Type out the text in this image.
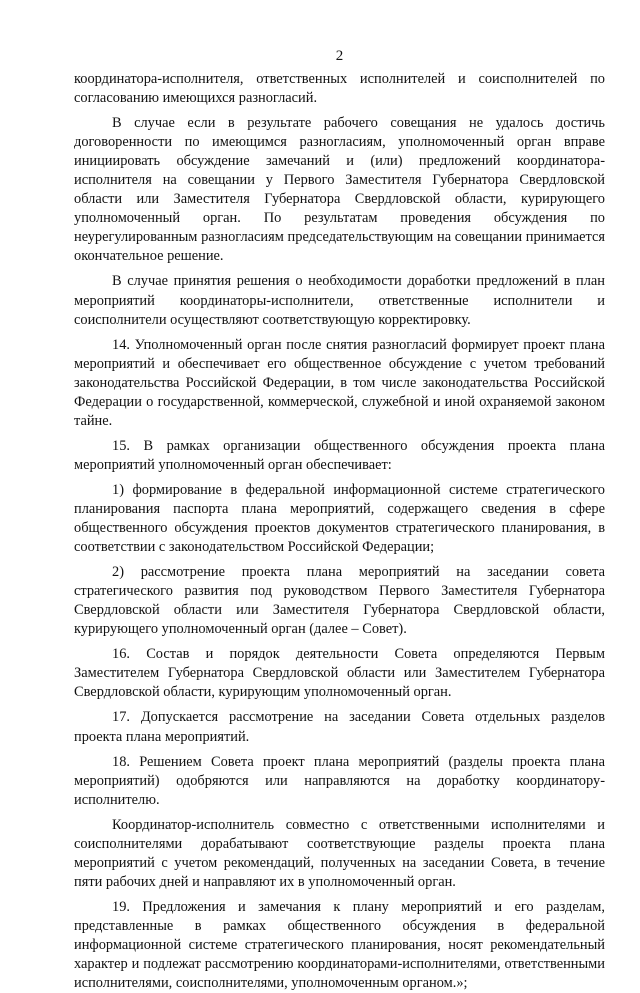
2

координатора-исполнителя, ответственных исполнителей и соисполнителей по согласованию имеющихся разногласий.

В случае если в результате рабочего совещания не удалось достичь договоренности по имеющимся разногласиям, уполномоченный орган вправе инициировать обсуждение замечаний и (или) предложений координатора-исполнителя на совещании у Первого Заместителя Губернатора Свердловской области или Заместителя Губернатора Свердловской области, курирующего уполномоченный орган. По результатам проведения обсуждения по неурегулированным разногласиям председательствующим на совещании принимается окончательное решение.

В случае принятия решения о необходимости доработки предложений в план мероприятий координаторы-исполнители, ответственные исполнители и соисполнители осуществляют соответствующую корректировку.

14. Уполномоченный орган после снятия разногласий формирует проект плана мероприятий и обеспечивает его общественное обсуждение с учетом требований законодательства Российской Федерации, в том числе законодательства Российской Федерации о государственной, коммерческой, служебной и иной охраняемой законом тайне.

15. В рамках организации общественного обсуждения проекта плана мероприятий уполномоченный орган обеспечивает:

1) формирование в федеральной информационной системе стратегического планирования паспорта плана мероприятий, содержащего сведения в сфере общественного обсуждения проектов документов стратегического планирования, в соответствии с законодательством Российской Федерации;

2) рассмотрение проекта плана мероприятий на заседании совета стратегического развития под руководством Первого Заместителя Губернатора Свердловской области или Заместителя Губернатора Свердловской области, курирующего уполномоченный орган (далее – Совет).

16. Состав и порядок деятельности Совета определяются Первым Заместителем Губернатора Свердловской области или Заместителем Губернатора Свердловской области, курирующим уполномоченный орган.

17. Допускается рассмотрение на заседании Совета отдельных разделов проекта плана мероприятий.

18. Решением Совета проект плана мероприятий (разделы проекта плана мероприятий) одобряются или направляются на доработку координатору-исполнителю.

Координатор-исполнитель совместно с ответственными исполнителями и соисполнителями дорабатывают соответствующие разделы проекта плана мероприятий с учетом рекомендаций, полученных на заседании Совета, в течение пяти рабочих дней и направляют их в уполномоченный орган.

19. Предложения и замечания к плану мероприятий и его разделам, представленные в рамках общественного обсуждения в федеральной информационной системе стратегического планирования, носят рекомендательный характер и подлежат рассмотрению координаторами-исполнителями, ответственными исполнителями, соисполнителями, уполномоченным органом.»;
